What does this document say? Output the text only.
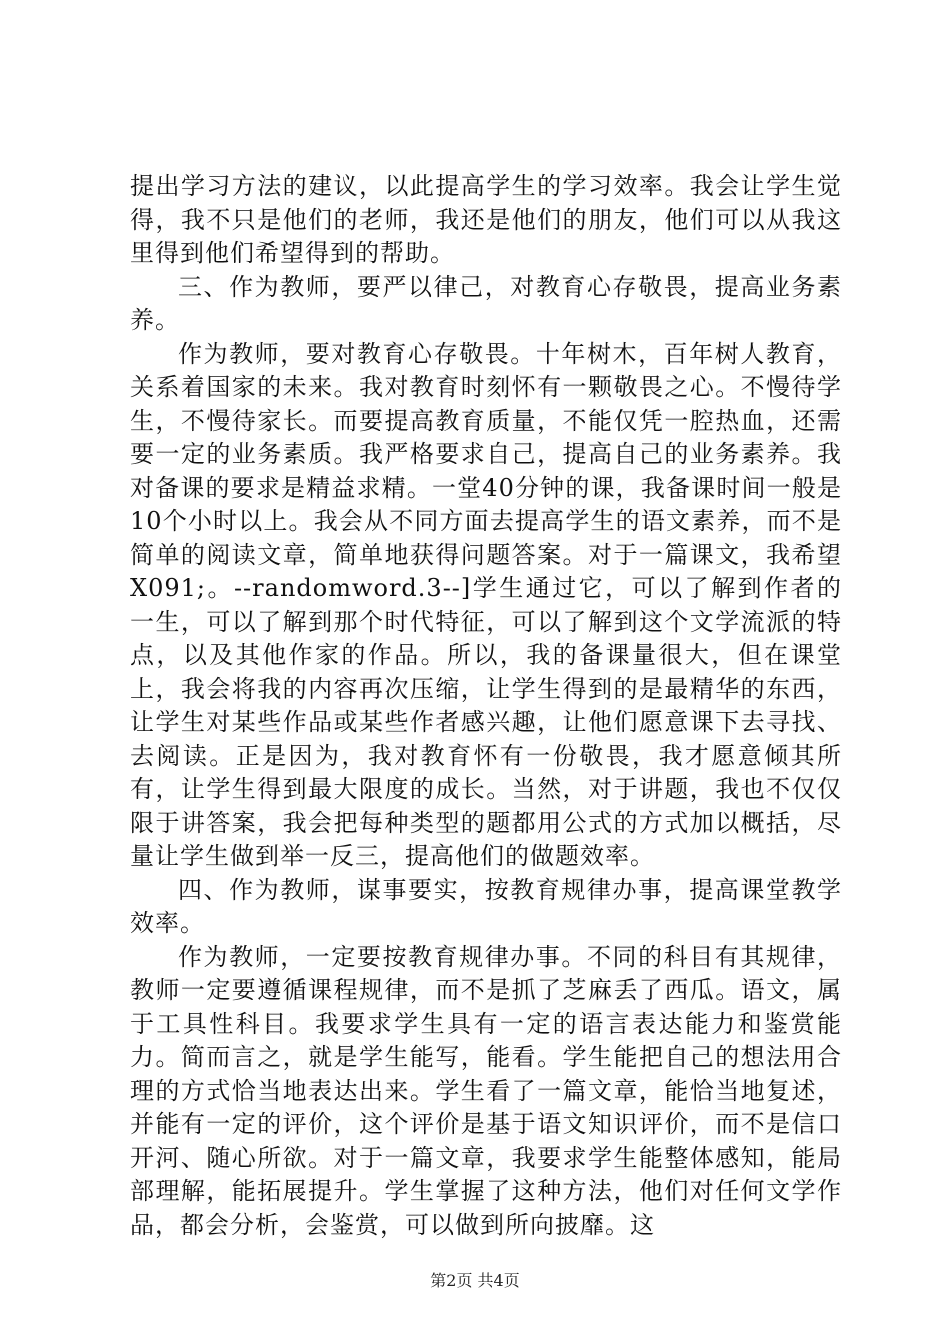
提出学习方法的建议，以此提高学生的学习效率。我会让学生觉得，我不只是他们的老师，我还是他们的朋友，他们可以从我这里得到他们希望得到的帮助。

三、作为教师，要严以律己，对教育心存敬畏，提高业务素养。

作为教师，要对教育心存敬畏。十年树木，百年树人教育，关系着国家的未来。我对教育时刻怀有一颗敬畏之心。不慢待学生，不慢待家长。而要提高教育质量，不能仅凭一腔热血，还需要一定的业务素质。我严格要求自己，提高自己的业务素养。我对备课的要求是精益求精。一堂40分钟的课，我备课时间一般是10个小时以上。我会从不同方面去提高学生的语文素养，而不是简单的阅读文章，简单地获得问题答案。对于一篇课文，我希望X091;。--randomword.3--]学生通过它，可以了解到作者的一生，可以了解到那个时代特征，可以了解到这个文学流派的特点，以及其他作家的作品。所以，我的备课量很大，但在课堂上，我会将我的内容再次压缩，让学生得到的是最精华的东西，让学生对某些作品或某些作者感兴趣，让他们愿意课下去寻找、去阅读。正是因为，我对教育怀有一份敬畏，我才愿意倾其所有，让学生得到最大限度的成长。当然，对于讲题，我也不仅仅限于讲答案，我会把每种类型的题都用公式的方式加以概括，尽量让学生做到举一反三，提高他们的做题效率。

四、作为教师，谋事要实，按教育规律办事，提高课堂教学效率。

作为教师，一定要按教育规律办事。不同的科目有其规律，教师一定要遵循课程规律，而不是抓了芝麻丢了西瓜。语文，属于工具性科目。我要求学生具有一定的语言表达能力和鉴赏能力。简而言之，就是学生能写，能看。学生能把自己的想法用合理的方式恰当地表达出来。学生看了一篇文章，能恰当地复述，并能有一定的评价，这个评价是基于语文知识评价，而不是信口开河、随心所欲。对于一篇文章，我要求学生能整体感知，能局部理解，能拓展提升。学生掌握了这种方法，他们对任何文学作品，都会分析，会鉴赏，可以做到所向披靡。这

第2页 共4页
